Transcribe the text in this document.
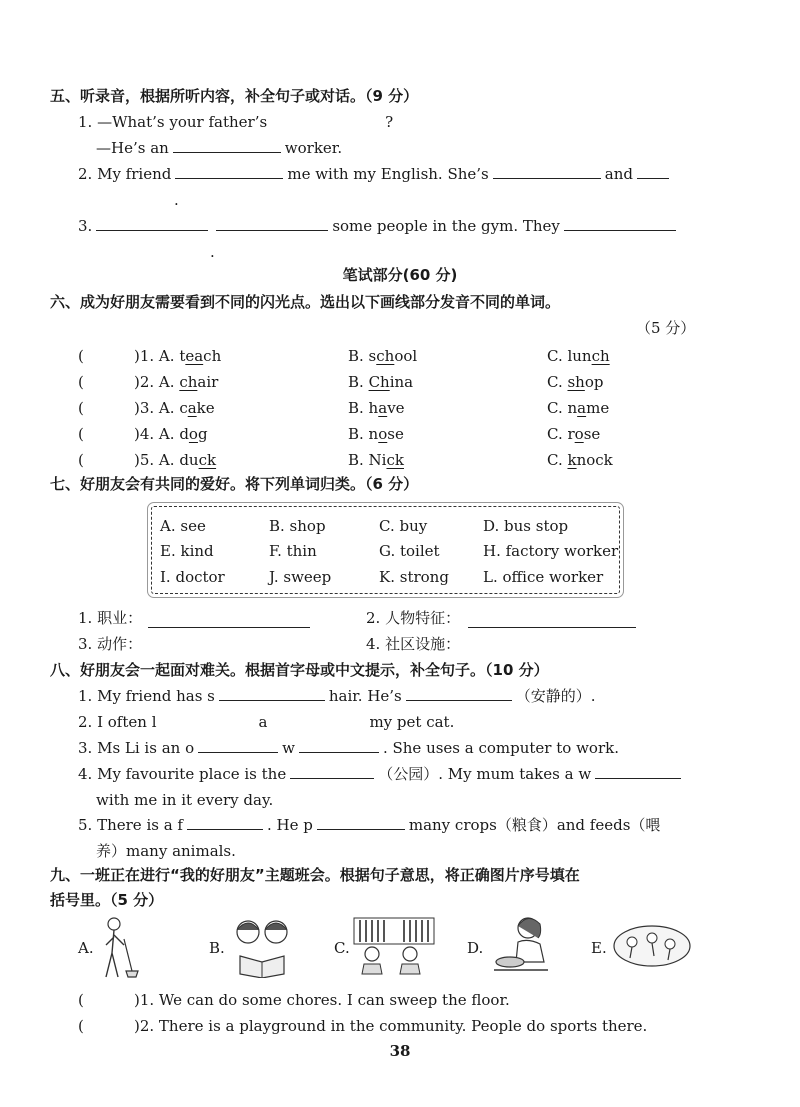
五、听录音，根据所听内容，补全句子或对话。（9 分）
1. —What’s your father’s	?
—He’s an	worker.
2. My friend	me with my English. She’s	and
.
3.	some people in the gym. They
.
笔试部分(60 分)
六、成为好朋友需要看到不同的闪光点。选出以下画线部分发音不同的单词。
（5 分）
(	)1. A. teach	B. school	C. lunch
(	)2. A. chair	B. China	C. shop
(	)3. A. cake	B. have	C. name
(	)4. A. dog	B. nose	C. rose
(	)5. A. duck	B. Nick	C. knock
七、好朋友会有共同的爱好。将下列单词归类。（6 分）
A. see	B. shop	C. buy	D. bus stop
E. kind	F. thin	G. toilet	H. factory worker
I. doctor	J. sweep	K. strong L. office worker
1. 职业：	2. 人物特征：
3. 动作：	4. 社区设施：
八、好朋友会一起面对难关。根据首字母或中文提示，补全句子。（10 分）
1. My friend has s	hair. He’s	（安静的）.
2. I often l	a	my pet cat.
3. Ms Li is an o	w	. She uses a computer to work.
4. My favourite place is the	（公园）. My mum takes a w
with me in it every day.
5. There is a f	. He p	many crops（粮食）and feeds（喂
养）many animals.
九、一班正在进行“我的好朋友”主题班会。根据句子意思，将正确图片序号填在
括号里。（5 分）
A.	B.	C.	D.	E.
(	)1. We can do some chores. I can sweep the floor.
(	)2. There is a playground in the community. People do sports there.
38
